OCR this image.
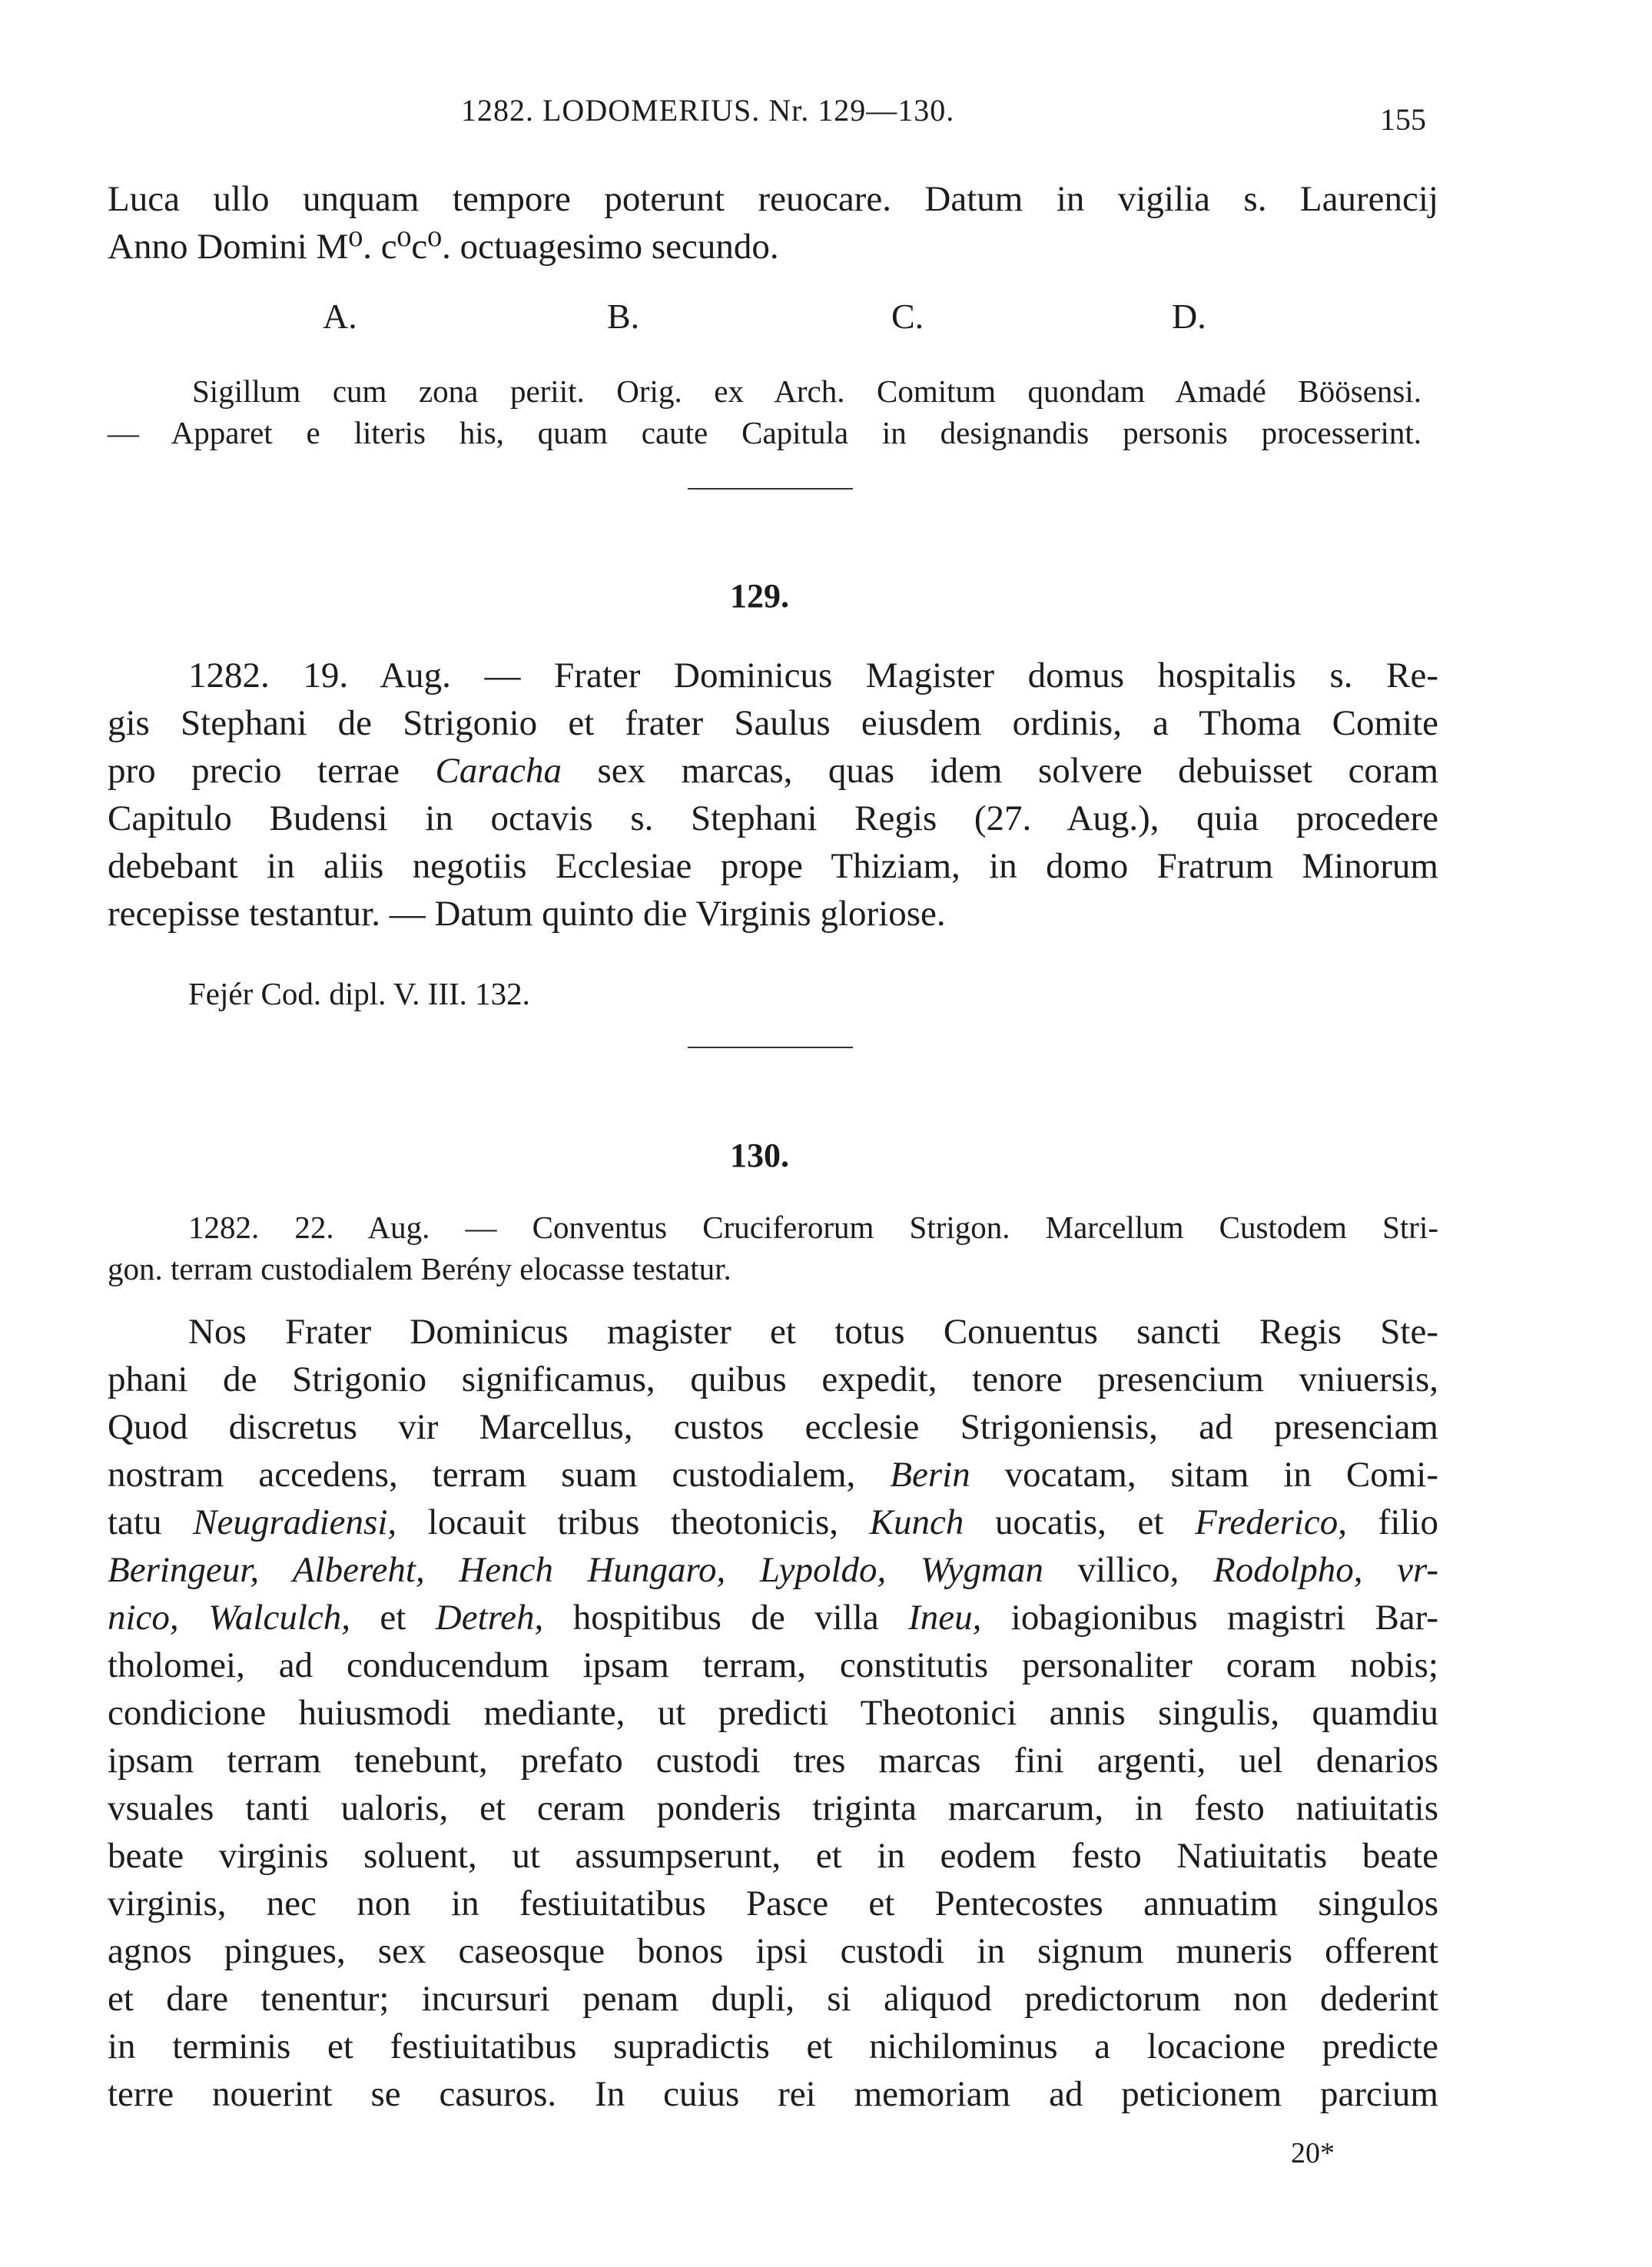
1282. LODOMERIUS. Nr. 129—130.	155
Luca ullo unquam tempore poterunt reuocare. Datum in vigilia s. Laurencij
Anno Domini M⁰. c⁰c⁰. octuagesimo secundo.
A.	B.	C.	D.
Sigillum cum zona periit. Orig. ex Arch. Comitum quondam Amadé Böösensi.
— Apparet e literis his, quam caute Capitula in designandis personis processerint.
129.
1282. 19. Aug. — Frater Dominicus Magister domus hospitalis s. Re-
gis Stephani de Strigonio et frater Saulus eiusdem ordinis, a Thoma Comite
pro precio terrae Caracha sex marcas, quas idem solvere debuisset coram
Capitulo Budensi in octavis s. Stephani Regis (27. Aug.), quia procedere
debebant in aliis negotiis Ecclesiae prope Thiziam, in domo Fratrum Minorum
recepisse testantur. — Datum quinto die Virginis gloriose.
Fejér Cod. dipl. V. III. 132.
130.
1282. 22. Aug. — Conventus Cruciferorum Strigon. Marcellum Custodem Stri-
gon. terram custodialem Berény elocasse testatur.
Nos Frater Dominicus magister et totus Conuentus sancti Regis Ste-
phani de Strigonio significamus, quibus expedit, tenore presencium vniuersis,
Quod discretus vir Marcellus, custos ecclesie Strigoniensis, ad presenciam
nostram accedens, terram suam custodialem, Berin vocatam, sitam in Comi-
tatu Neugradiensi, locauit tribus theotonicis, Kunch uocatis, et Frederico, filio
Beringeur, Albereht, Hench Hungaro, Lypoldo, Wygman villico, Rodolpho, vr-
nico, Walculch, et Detreh, hospitibus de villa Ineu, iobagionibus magistri Bar-
tholomei, ad conducendum ipsam terram, constitutis personaliter coram nobis;
condicione huiusmodi mediante, ut predicti Theotonici annis singulis, quamdiu
ipsam terram tenebunt, prefato custodi tres marcas fini argenti, uel denarios
vsuales tanti ualoris, et ceram ponderis triginta marcarum, in festo natiuitatis
beate virginis soluent, ut assumpserunt, et in eodem festo Natiuitatis beate
virginis, nec non in festiuitatibus Pasce et Pentecostes annuatim singulos
agnos pingues, sex caseosque bonos ipsi custodi in signum muneris offerent
et dare tenentur; incursuri penam dupli, si aliquod predictorum non dederint
in terminis et festiuitatibus supradictis et nichilominus a locacione predicte
terre nouerint se casuros. In cuius rei memoriam ad peticionem parcium
20*
